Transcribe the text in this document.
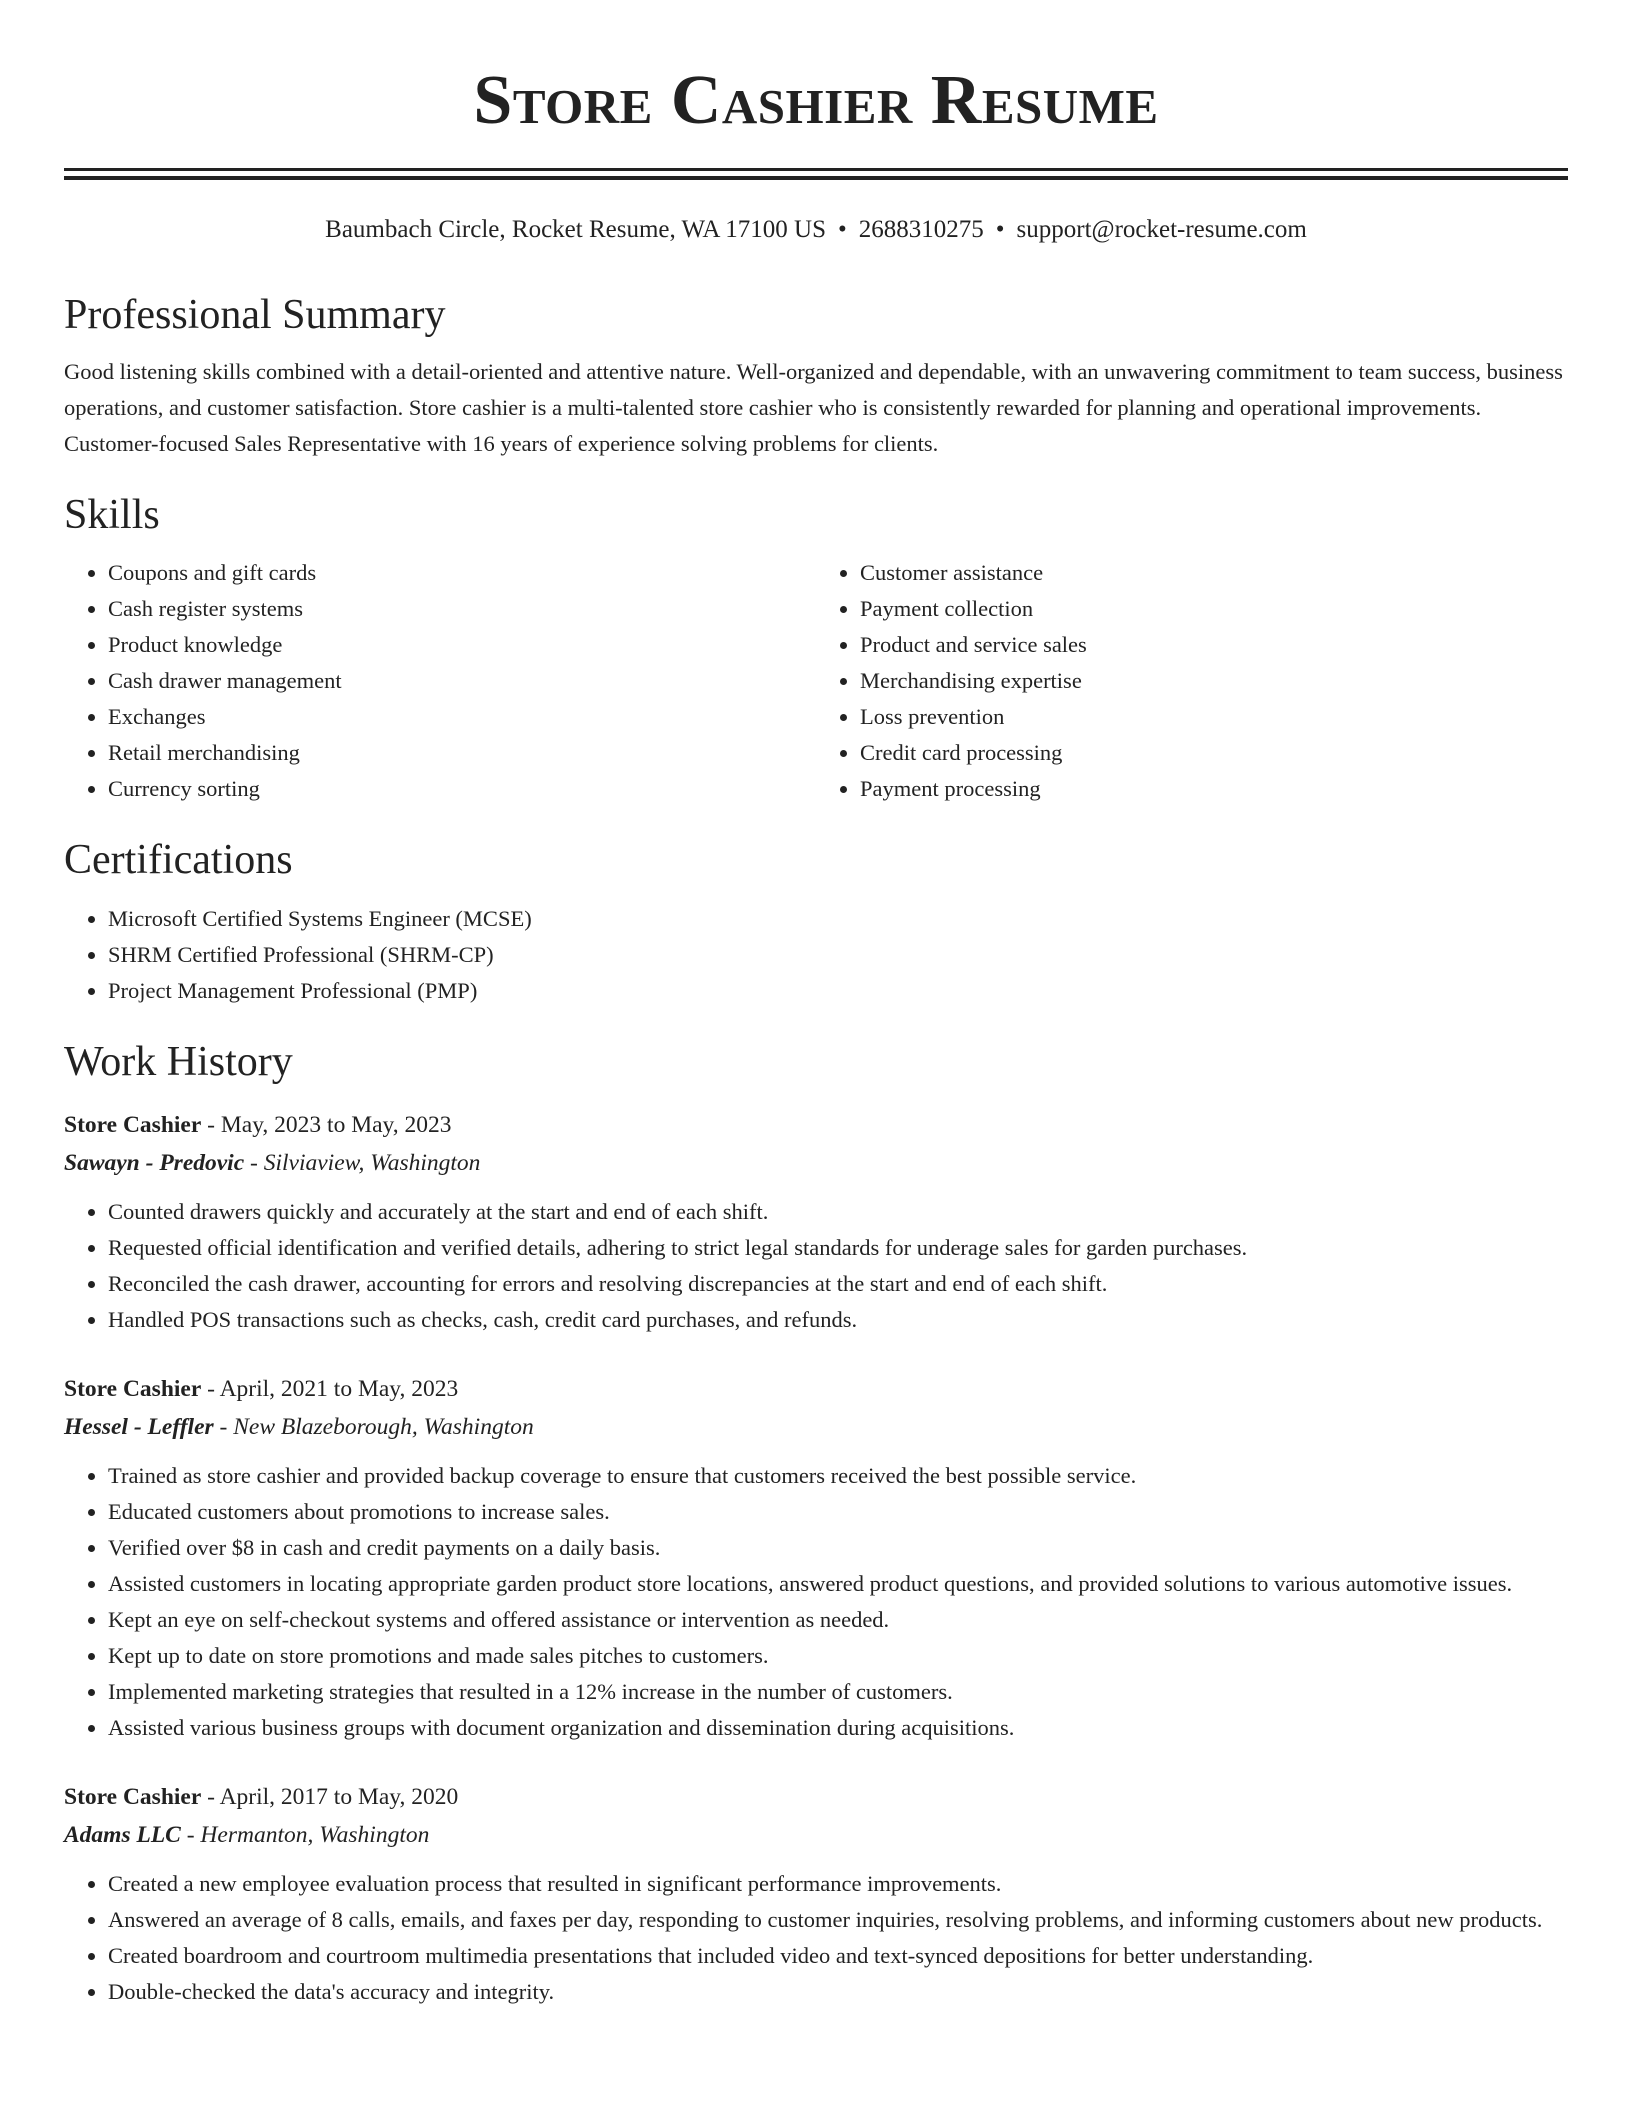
Store Cashier Resume
Baumbach Circle, Rocket Resume, WA 17100 US • 2688310275 • support@rocket-resume.com
Professional Summary

Good listening skills combined with a detail-oriented and attentive nature. Well-organized and dependable, with an unwavering commitment to team success, business operations, and customer satisfaction. Store cashier is a multi-talented store cashier who is consistently rewarded for planning and operational improvements. Customer-focused Sales Representative with 16 years of experience solving problems for clients.

Skills
• Coupons and gift cards
• Cash register systems
• Product knowledge
• Cash drawer management
• Exchanges
• Retail merchandising
• Currency sorting
• Customer assistance
• Payment collection
• Product and service sales
• Merchandising expertise
• Loss prevention
• Credit card processing
• Payment processing
Certifications
• Microsoft Certified Systems Engineer (MCSE)
• SHRM Certified Professional (SHRM-CP)
• Project Management Professional (PMP)
Work History
Store Cashier - May, 2023 to May, 2023
Sawayn - Predovic - Silviaview, Washington
• Counted drawers quickly and accurately at the start and end of each shift.
• Requested official identification and verified details, adhering to strict legal standards for underage sales for garden purchases.
• Reconciled the cash drawer, accounting for errors and resolving discrepancies at the start and end of each shift.
• Handled POS transactions such as checks, cash, credit card purchases, and refunds.
Store Cashier - April, 2021 to May, 2023
Hessel - Leffler - New Blazeborough, Washington
• Trained as store cashier and provided backup coverage to ensure that customers received the best possible service.
• Educated customers about promotions to increase sales.
• Verified over $8 in cash and credit payments on a daily basis.
• Assisted customers in locating appropriate garden product store locations, answered product questions, and provided solutions to various automotive issues.
• Kept an eye on self-checkout systems and offered assistance or intervention as needed.
• Kept up to date on store promotions and made sales pitches to customers.
• Implemented marketing strategies that resulted in a 12% increase in the number of customers.
• Assisted various business groups with document organization and dissemination during acquisitions.
Store Cashier - April, 2017 to May, 2020
Adams LLC - Hermanton, Washington
• Created a new employee evaluation process that resulted in significant performance improvements.
• Answered an average of 8 calls, emails, and faxes per day, responding to customer inquiries, resolving problems, and informing customers about new products.
• Created boardroom and courtroom multimedia presentations that included video and text-synced depositions for better understanding.
• Double-checked the data's accuracy and integrity.
